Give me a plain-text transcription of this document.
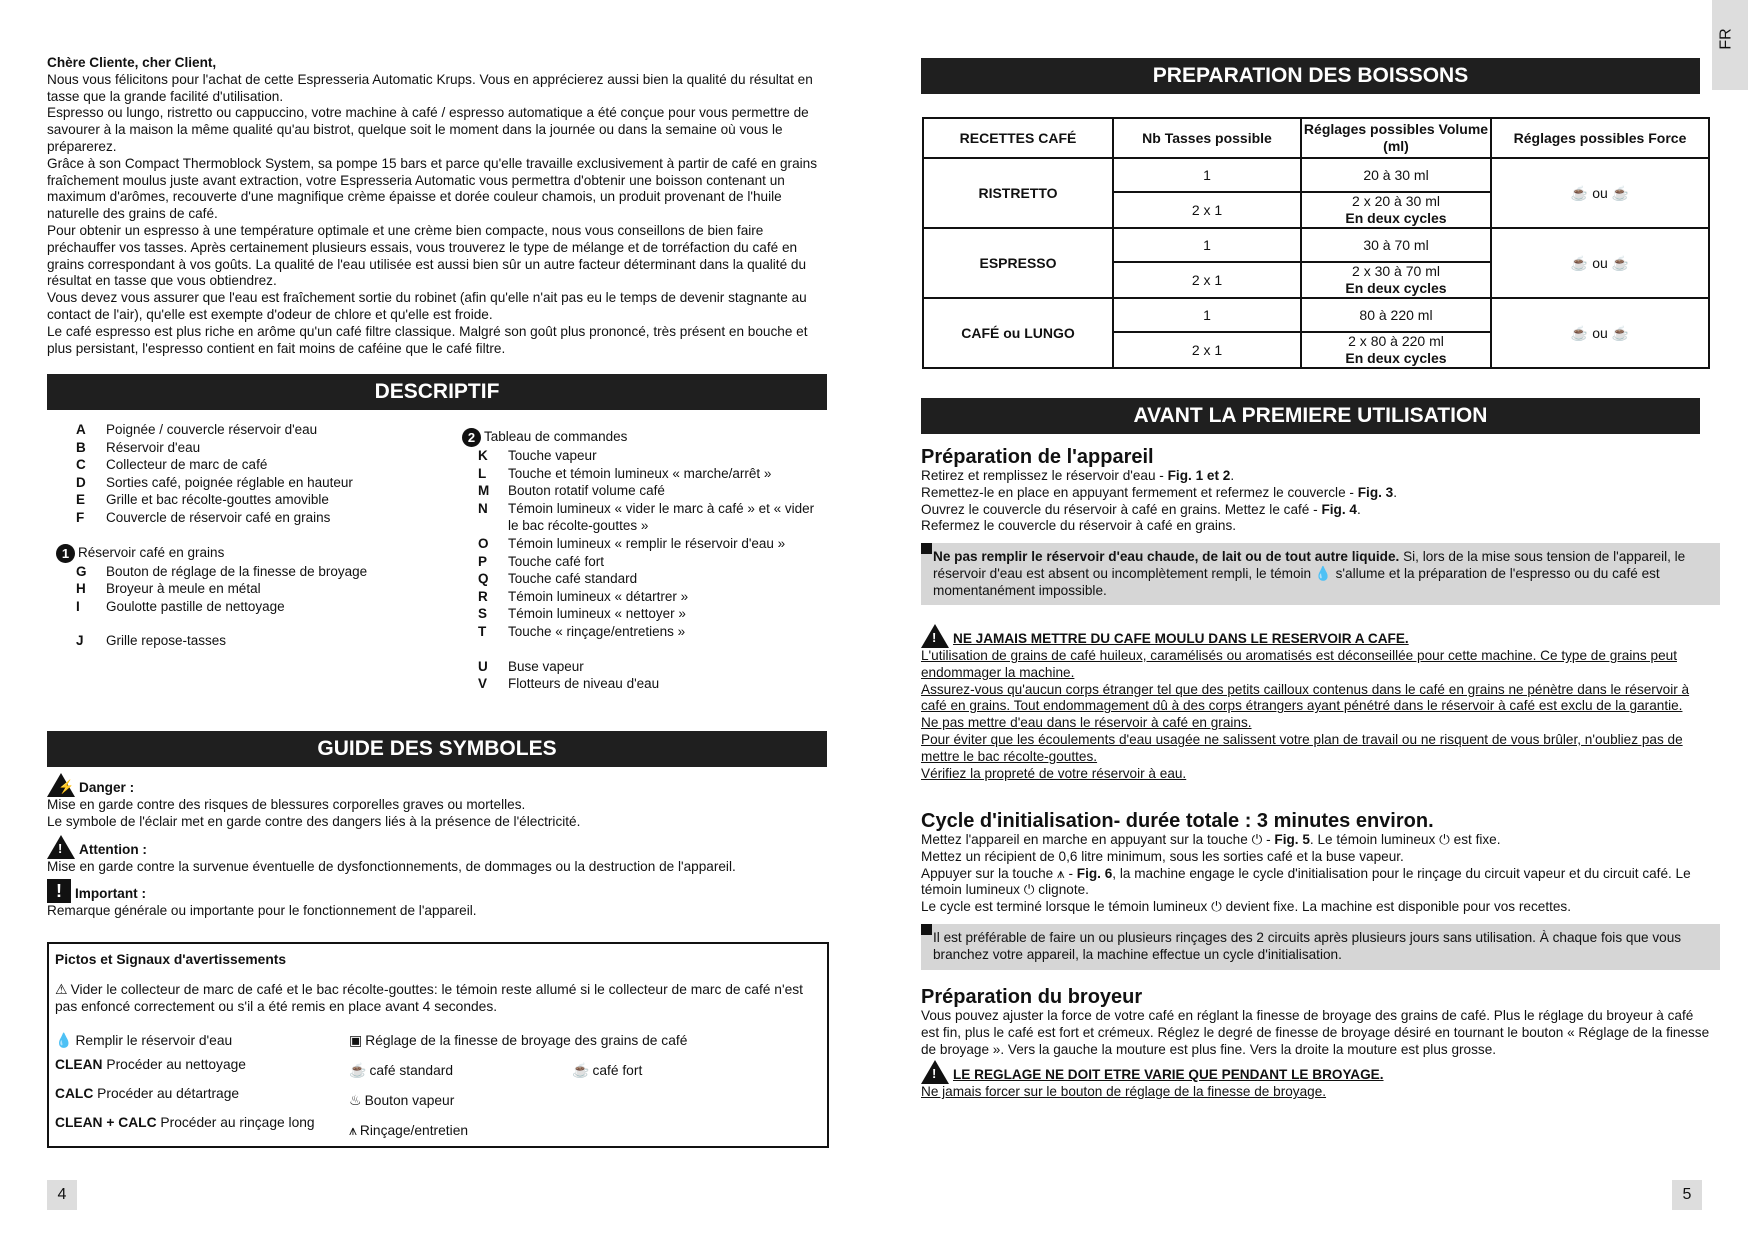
Chère Cliente, cher Client,

Nous vous félicitons pour l'achat de cette Espresseria Automatic Krups. Vous en apprécierez aussi bien la qualité du résultat en tasse que la grande facilité d'utilisation.

Espresso ou lungo, ristretto ou cappuccino, votre machine à café / espresso automatique a été conçue pour vous permettre de savourer à la maison la même qualité qu'au bistrot, quelque soit le moment dans la journée ou dans la semaine où vous le préparerez.

Grâce à son Compact Thermoblock System, sa pompe 15 bars et parce qu'elle travaille exclusivement à partir de café en grains fraîchement moulus juste avant extraction, votre Espresseria Automatic vous permettra d'obtenir une boisson contenant un maximum d'arômes, recouverte d'une magnifique crème épaisse et dorée couleur chamois, un produit provenant de l'huile naturelle des grains de café.

Pour obtenir un espresso à une température optimale et une crème bien compacte, nous vous conseillons de bien faire préchauffer vos tasses. Après certainement plusieurs essais, vous trouverez le type de mélange et de torréfaction du café en grains correspondant à vos goûts. La qualité de l'eau utilisée est aussi bien sûr un autre facteur déterminant dans la qualité du résultat en tasse que vous obtiendrez.

Vous devez vous assurer que l'eau est fraîchement sortie du robinet (afin qu'elle n'ait pas eu le temps de devenir stagnante au contact de l'air), qu'elle est exempte d'odeur de chlore et qu'elle est froide.

Le café espresso est plus riche en arôme qu'un café filtre classique. Malgré son goût plus prononcé, très présent en bouche et plus persistant, l'espresso contient en fait moins de caféine que le café filtre.

DESCRIPTIF
A	Poignée / couvercle réservoir d'eau
B	Réservoir d'eau
C	Collecteur de marc de café
D	Sorties café, poignée réglable en hauteur
E	Grille et bac récolte-gouttes amovible
F	Couvercle de réservoir café en grains
1 Réservoir café en grains
G	Bouton de réglage de la finesse de broyage
H	Broyeur à meule en métal
I	Goulotte pastille de nettoyage
J	Grille repose-tasses
2 Tableau de commandes
K	Touche vapeur
L	Touche et témoin lumineux « marche/arrêt »
M	Bouton rotatif volume café
N	Témoin lumineux « vider le marc à café » et « vider le bac récolte-gouttes »
O	Témoin lumineux « remplir le réservoir d'eau »
P	Touche café fort
Q	Touche café standard
R	Témoin lumineux « détartrer »
S	Témoin lumineux « nettoyer »
T	Touche « rinçage/entretiens »
U	Buse vapeur
V	Flotteurs de niveau d'eau
GUIDE DES SYMBOLES
⚡ Danger :
Mise en garde contre des risques de blessures corporelles graves ou mortelles.
Le symbole de l'éclair met en garde contre des dangers liés à la présence de l'électricité.
! Attention :
Mise en garde contre la survenue éventuelle de dysfonctionnements, de dommages ou la destruction de l'appareil.
! Important :
Remarque générale ou importante pour le fonctionnement de l'appareil.
Pictos et Signaux d'avertissements
⚠ Vider le collecteur de marc de café et le bac récolte-gouttes: le témoin reste allumé si le collecteur de marc de café n'est pas enfoncé correctement ou s'il a été remis en place avant 4 secondes.
💧 Remplir le réservoir d'eau	▣ Réglage de la finesse de broyage des grains de café
CLEAN Procéder au nettoyage	☕ café standard	☕ café fort
CALC Procéder au détartrage	♨ Bouton vapeur
CLEAN + CALC Procéder au rinçage long ⩚ Rinçage/entretien
4
FR
PREPARATION DES BOISSONS
RECETTES CAFÉ	Nb Tasses possible	Réglages possibles Volume (ml)	Réglages possibles Force
RISTRETTO	1	20 à 30 ml	☕ ou ☕
	2 x 1	2 x 20 à 30 ml
En deux cycles	
ESPRESSO	1	30 à 70 ml	☕ ou ☕
	2 x 1	2 x 30 à 70 ml
En deux cycles	
CAFÉ ou LUNGO	1	80 à 220 ml	☕ ou ☕
	2 x 1	2 x 80 à 220 ml
En deux cycles	
AVANT LA PREMIERE UTILISATION
Préparation de l'appareil

Retirez et remplissez le réservoir d'eau - Fig. 1 et 2.

Remettez-le en place en appuyant fermement et refermez le couvercle - Fig. 3.

Ouvrez le couvercle du réservoir à café en grains. Mettez le café - Fig. 4.

Refermez le couvercle du réservoir à café en grains.

Ne pas remplir le réservoir d'eau chaude, de lait ou de tout autre liquide. Si, lors de la mise sous tension de l'appareil, le réservoir d'eau est absent ou incomplètement rempli, le témoin 💧 s'allume et la préparation de l'espresso ou du café est momentanément impossible.
! NE JAMAIS METTRE DU CAFE MOULU DANS LE RESERVOIR A CAFE.

L'utilisation de grains de café huileux, caramélisés ou aromatisés est déconseillée pour cette machine. Ce type de grains peut endommager la machine.

Assurez-vous qu'aucun corps étranger tel que des petits cailloux contenus dans le café en grains ne pénètre dans le réservoir à café en grains. Tout endommagement dû à des corps étrangers ayant pénétré dans le réservoir à café est exclu de la garantie.

Ne pas mettre d'eau dans le réservoir à café en grains.

Pour éviter que les écoulements d'eau usagée ne salissent votre plan de travail ou ne risquent de vous brûler, n'oubliez pas de mettre le bac récolte-gouttes.

Vérifiez la propreté de votre réservoir à eau.

Cycle d'initialisation- durée totale : 3 minutes environ.

Mettez l'appareil en marche en appuyant sur la touche ⏻ - Fig. 5. Le témoin lumineux ⏻ est fixe.

Mettez un récipient de 0,6 litre minimum, sous les sorties café et la buse vapeur.

Appuyer sur la touche ⩚ - Fig. 6, la machine engage le cycle d'initialisation pour le rinçage du circuit vapeur et du circuit café. Le témoin lumineux ⏻ clignote.

Le cycle est terminé lorsque le témoin lumineux ⏻ devient fixe. La machine est disponible pour vos recettes.

Il est préférable de faire un ou plusieurs rinçages des 2 circuits après plusieurs jours sans utilisation. À chaque fois que vous branchez votre appareil, la machine effectue un cycle d'initialisation.
Préparation du broyeur
Vous pouvez ajuster la force de votre café en réglant la finesse de broyage des grains de café. Plus le réglage du broyeur à café est fin, plus le café est fort et crémeux. Réglez le degré de finesse de broyage désiré en tournant le bouton « Réglage de la finesse de broyage ». Vers la gauche la mouture est plus fine. Vers la droite la mouture est plus grosse.
! LE REGLAGE NE DOIT ETRE VARIE QUE PENDANT LE BROYAGE.

Ne jamais forcer sur le bouton de réglage de la finesse de broyage.

5
